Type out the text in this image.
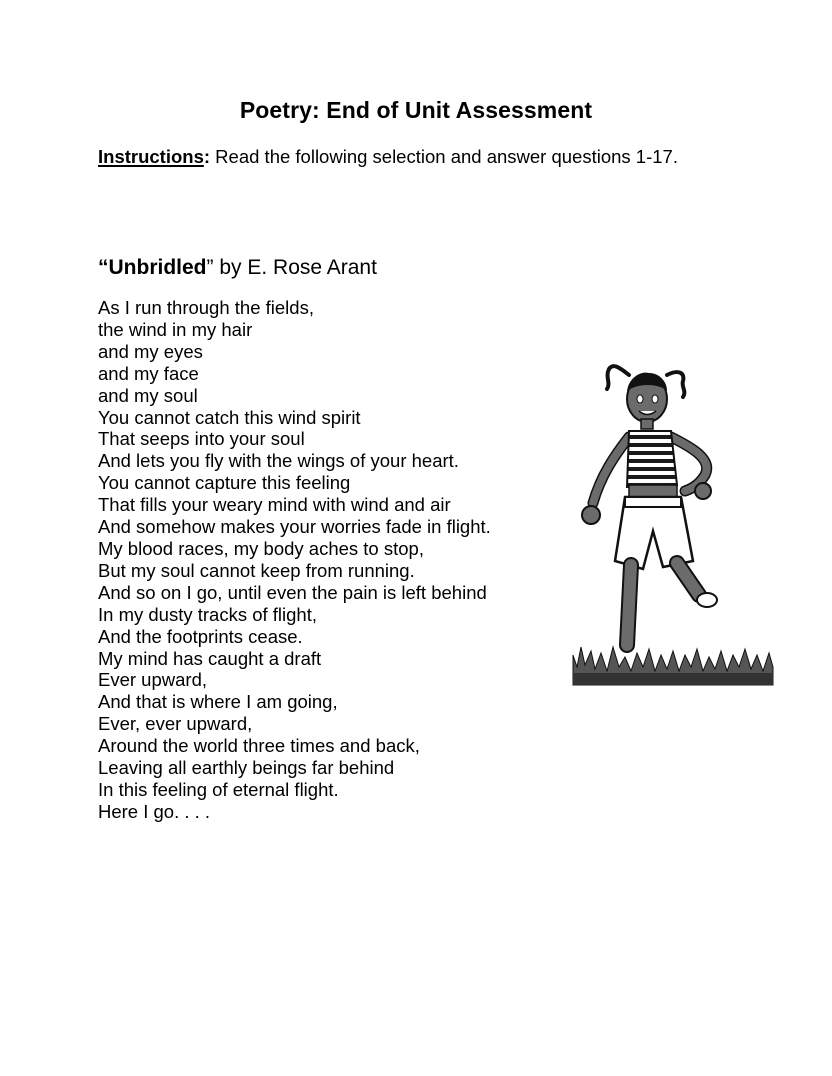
Poetry: End of Unit Assessment
Instructions: Read the following selection and answer questions 1-17.
“Unbridled” by E. Rose Arant
As I run through the fields,
the wind in my hair
and my eyes
and my face
and my soul
You cannot catch this wind spirit
That seeps into your soul
And lets you fly with the wings of your heart.
You cannot capture this feeling
That fills your weary mind with wind and air
And somehow makes your worries fade in flight.
My blood races, my body aches to stop,
But my soul cannot keep from running.
And so on I go, until even the pain is left behind
In my dusty tracks of flight,
And the footprints cease.
My mind has caught a draft
Ever upward,
And that is where I am going,
Ever, ever upward,
Around the world three times and back,
Leaving all earthly beings far behind
In this feeling of eternal flight.
Here I go. . . .
